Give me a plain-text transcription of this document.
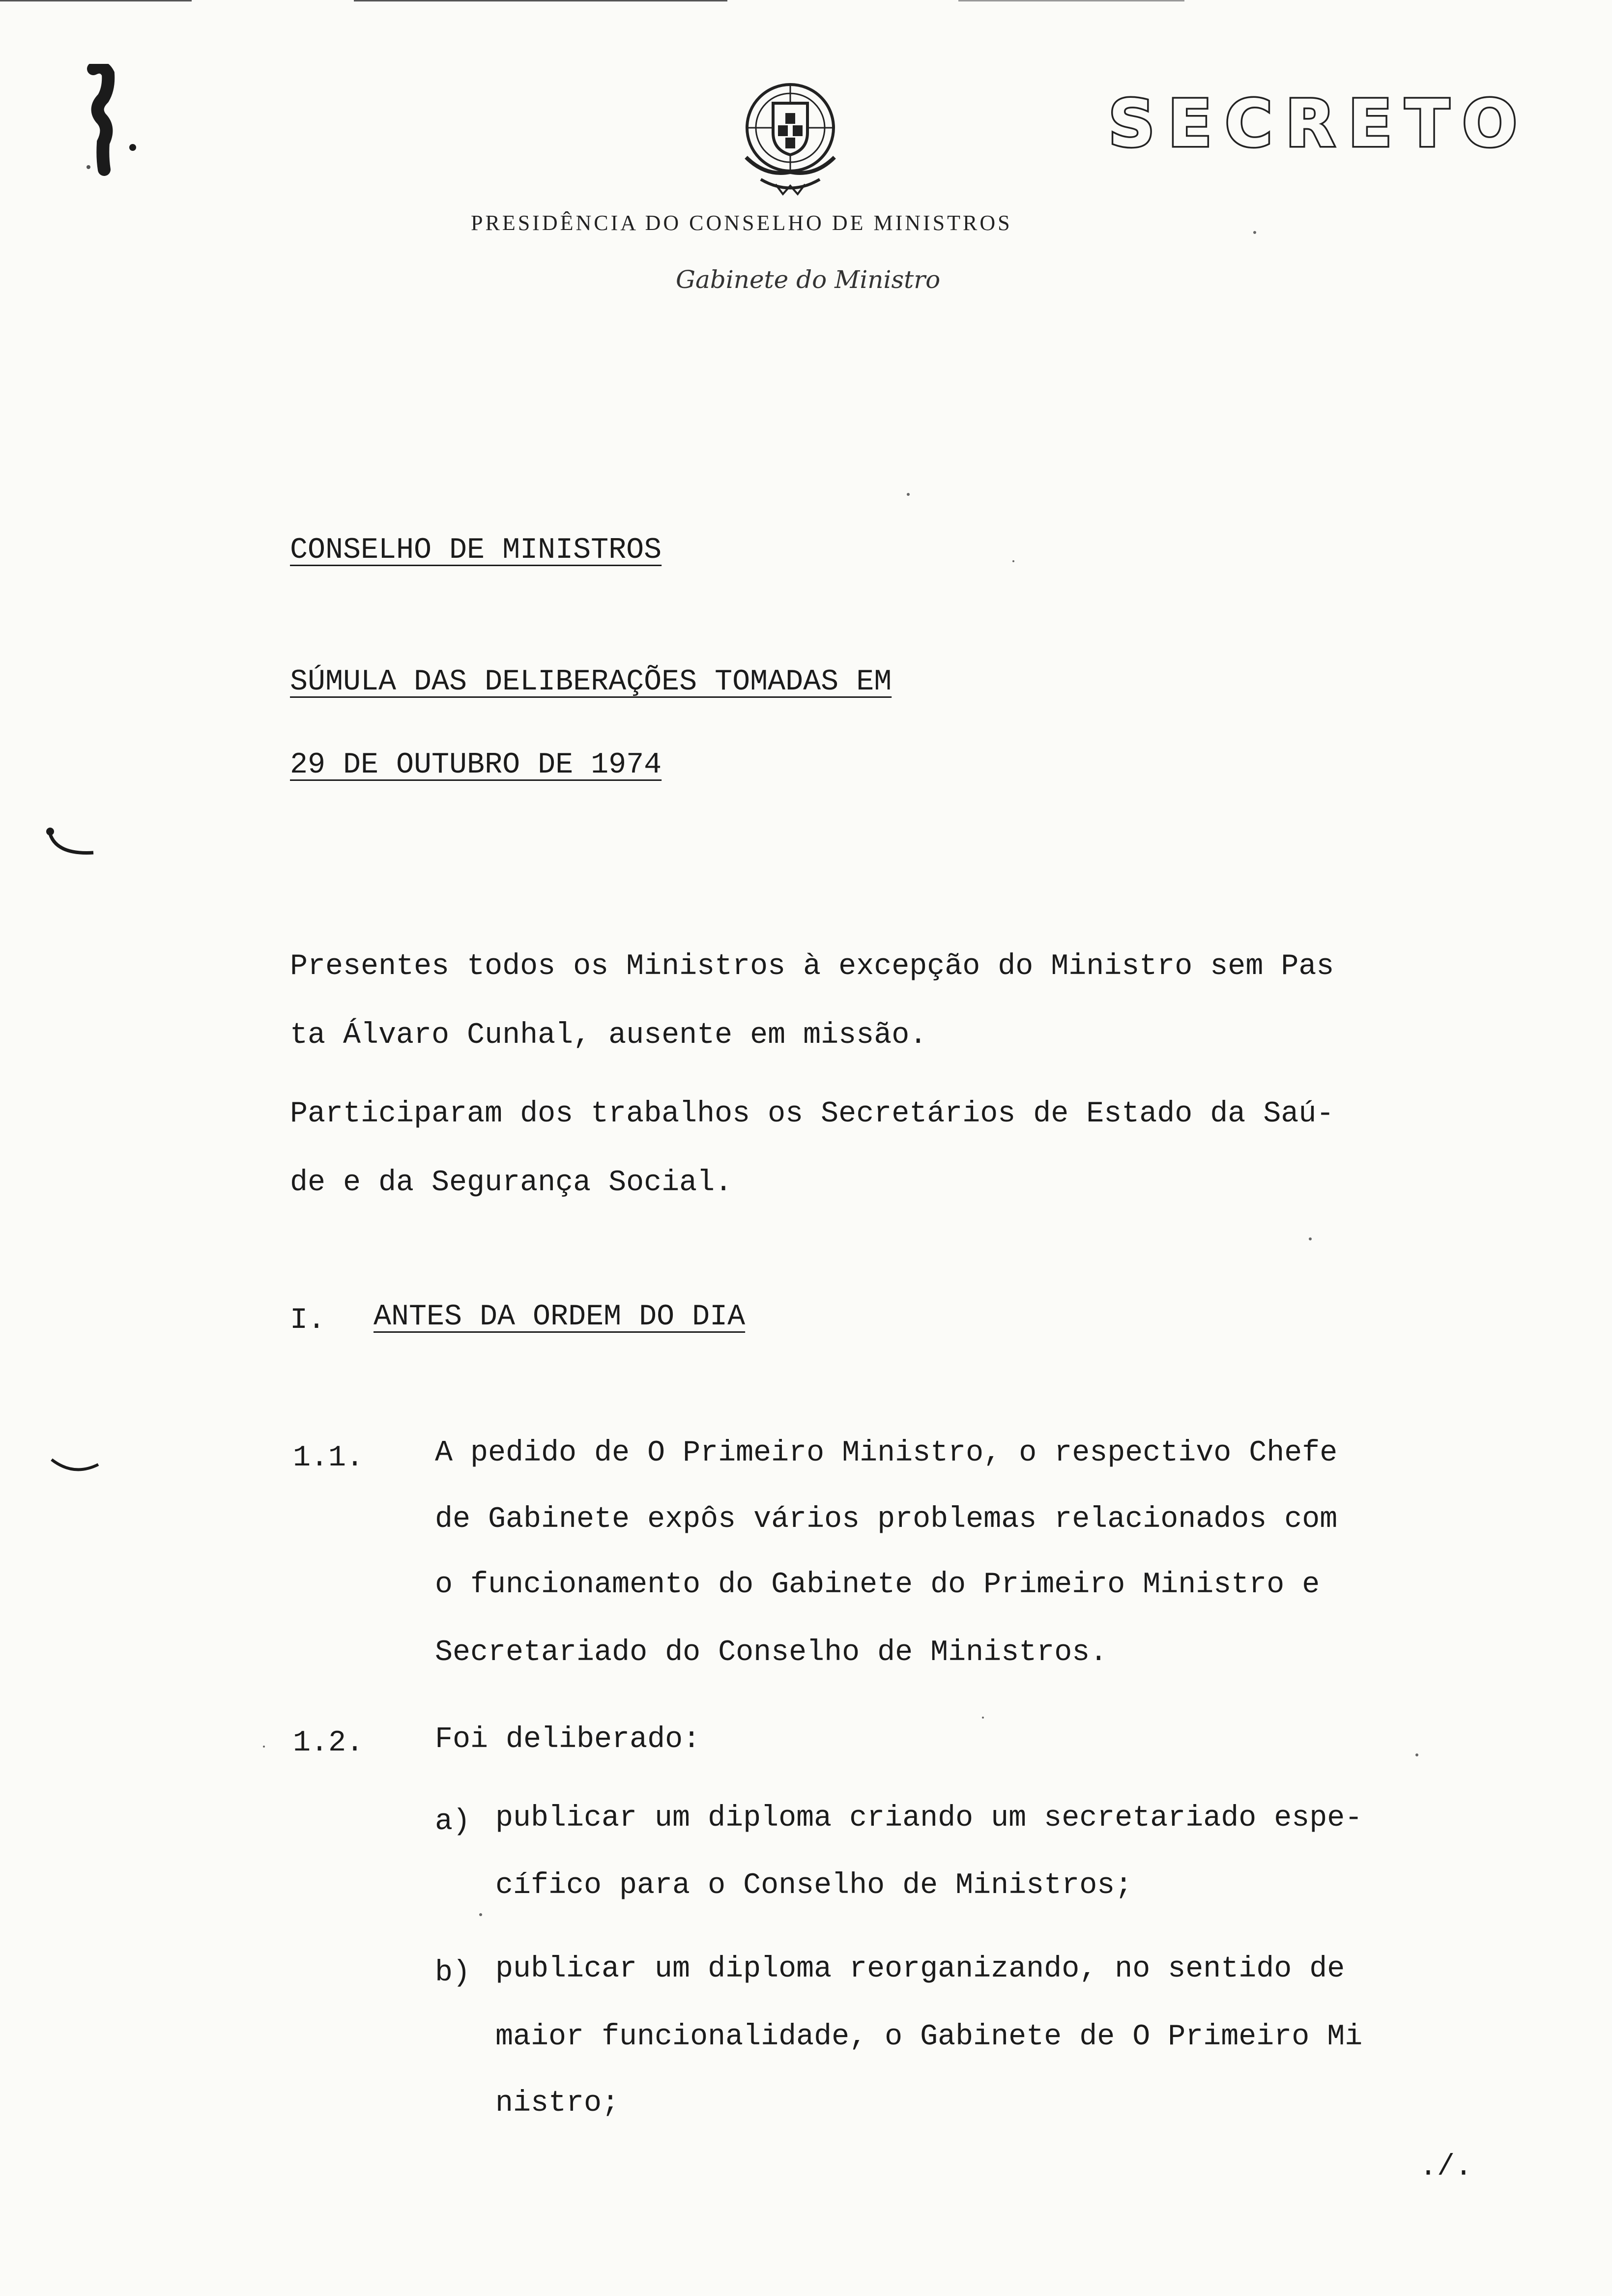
SECRETO
PRESIDÊNCIA DO CONSELHO DE MINISTROS
Gabinete do Ministro
CONSELHO DE MINISTROS
SÚMULA DAS DELIBERAÇÕES TOMADAS EM
29 DE OUTUBRO DE 1974
Presentes todos os Ministros à excepção do Ministro sem Pas
ta Álvaro Cunhal, ausente em missão.
Participaram dos trabalhos os Secretários de Estado da Saú-
de e da Segurança Social.
I. ANTES DA ORDEM DO DIA
1.1. A pedido de O Primeiro Ministro, o respectivo Chefe
de Gabinete expôs vários problemas relacionados com
o funcionamento do Gabinete do Primeiro Ministro e
Secretariado do Conselho de Ministros.
1.2. Foi deliberado:
a) publicar um diploma criando um secretariado espe-
cífico para o Conselho de Ministros;
b) publicar um diploma reorganizando, no sentido de
maior funcionalidade, o Gabinete de O Primeiro Mi
nistro;
./.
